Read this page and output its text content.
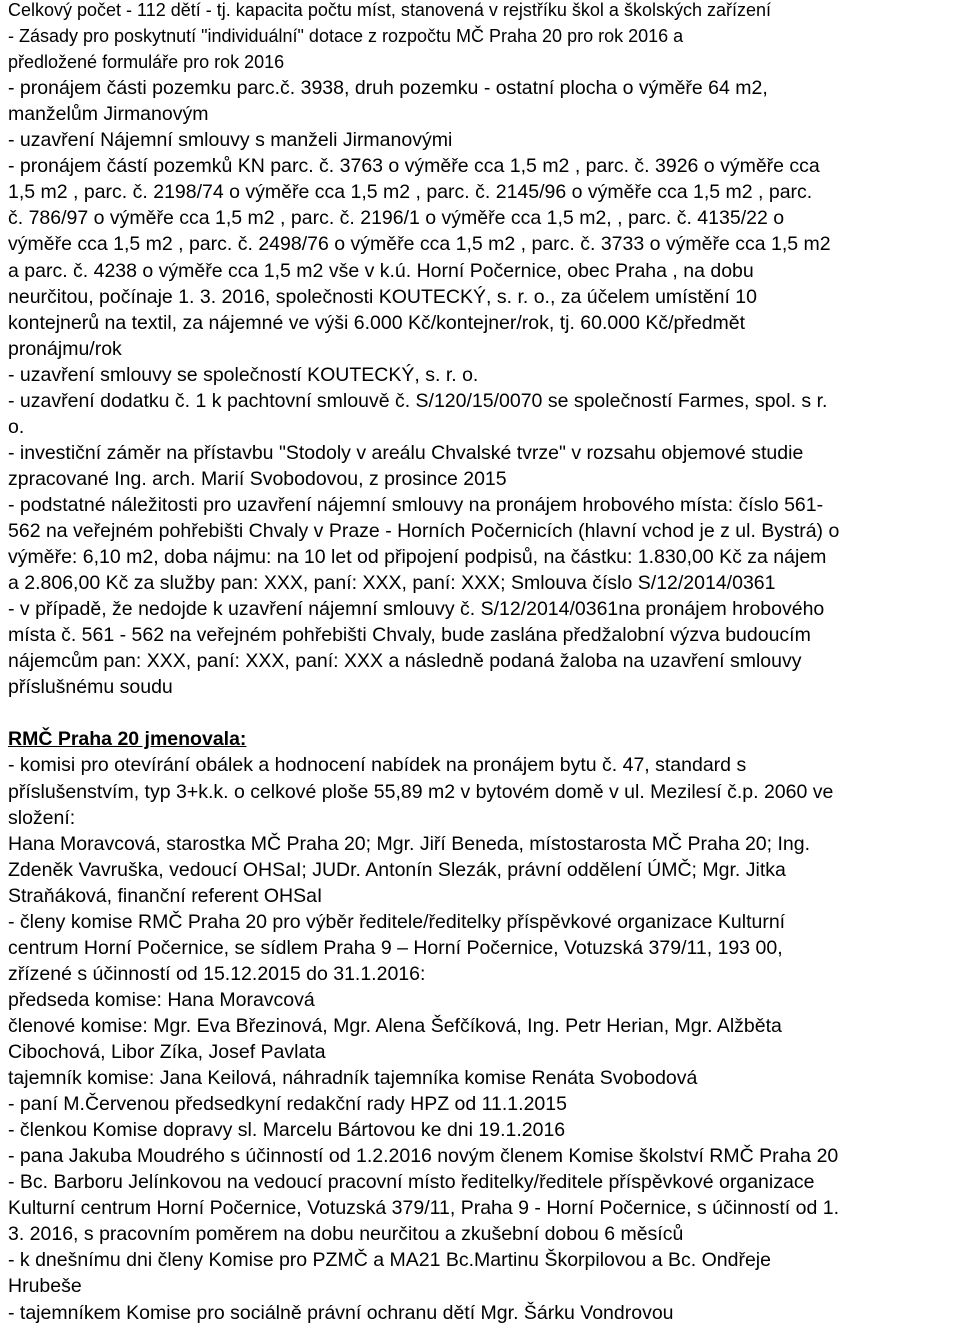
Celkový počet - 112 dětí - tj. kapacita počtu míst, stanovená v rejstříku škol a školských zařízení
- Zásady pro poskytnutí "individuální" dotace z rozpočtu MČ Praha 20 pro rok 2016 a
předložené formuláře pro rok 2016
- pronájem části pozemku parc.č. 3938, druh pozemku - ostatní plocha o výměře 64 m2,
manželům Jirmanovým
- uzavření Nájemní smlouvy s manželi Jirmanovými
- pronájem částí pozemků KN parc. č. 3763 o výměře cca 1,5 m2 , parc. č. 3926 o výměře cca
1,5 m2 , parc. č. 2198/74 o výměře cca 1,5 m2 , parc. č. 2145/96 o výměře cca 1,5 m2 , parc.
č. 786/97 o výměře cca 1,5 m2 , parc. č. 2196/1 o výměře cca 1,5 m2, , parc. č. 4135/22 o
výměře cca 1,5 m2 , parc. č. 2498/76 o výměře cca 1,5 m2 , parc. č. 3733 o výměře cca 1,5 m2
a parc. č. 4238 o výměře cca 1,5 m2 vše v k.ú. Horní Počernice, obec Praha , na dobu
neurčitou, počínaje 1. 3. 2016, společnosti KOUTECKÝ, s. r. o., za účelem umístění 10
kontejnerů na textil, za nájemné ve výši 6.000 Kč/kontejner/rok, tj. 60.000 Kč/předmět
pronájmu/rok
- uzavření smlouvy se společností KOUTECKÝ, s. r. o.
- uzavření dodatku č. 1 k pachtovní smlouvě č. S/120/15/0070 se společností Farmes, spol. s r.
o.
- investiční záměr na přístavbu "Stodoly v areálu Chvalské tvrze" v rozsahu objemové studie
zpracované Ing. arch. Marií Svobodovou, z prosince 2015
- podstatné náležitosti pro uzavření nájemní smlouvy na pronájem hrobového místa: číslo 561-
562 na veřejném pohřebišti Chvaly v Praze - Horních Počernicích (hlavní vchod je z ul. Bystrá) o
výměře: 6,10 m2, doba nájmu: na 10 let od připojení podpisů, na částku: 1.830,00 Kč za nájem
a 2.806,00 Kč za služby pan: XXX, paní: XXX, paní: XXX; Smlouva číslo S/12/2014/0361
- v případě, že nedojde k uzavření nájemní smlouvy č. S/12/2014/0361na pronájem hrobového
místa č. 561 - 562 na veřejném pohřebišti Chvaly, bude zaslána předžalobní výzva budoucím
nájemcům pan: XXX, paní: XXX, paní: XXX a následně podaná žaloba na uzavření smlouvy
příslušnému soudu
RMČ Praha 20 jmenovala:
- komisi pro otevírání obálek a hodnocení nabídek na pronájem bytu č. 47, standard s
příslušenstvím, typ 3+k.k. o celkové ploše 55,89 m2 v bytovém domě v ul. Mezilesí č.p. 2060 ve
složení:
Hana Moravcová, starostka MČ Praha 20; Mgr. Jiří Beneda, místostarosta MČ Praha 20; Ing.
Zdeněk Vavruška, vedoucí OHSaI; JUDr. Antonín Slezák, právní oddělení ÚMČ; Mgr. Jitka
Straňáková, finanční referent OHSaI
- členy komise RMČ Praha 20 pro výběr ředitele/ředitelky příspěvkové organizace Kulturní
centrum Horní Počernice, se sídlem Praha 9 – Horní Počernice, Votuzská 379/11, 193 00,
zřízené s účinností od 15.12.2015 do 31.1.2016:
předseda komise: Hana Moravcová
členové komise: Mgr. Eva Březinová, Mgr. Alena Šefčíková, Ing. Petr Herian, Mgr. Alžběta
Cibochová, Libor Zíka, Josef Pavlata
tajemník komise: Jana Keilová, náhradník tajemníka komise Renáta Svobodová
- paní M.Červenou předsedkyní redakční rady HPZ od 11.1.2015
- členkou Komise dopravy sl. Marcelu Bártovou ke dni 19.1.2016
- pana Jakuba Moudrého s účinností od 1.2.2016 novým členem Komise školství RMČ Praha 20
- Bc. Barboru Jelínkovou na vedoucí pracovní místo ředitelky/ředitele příspěvkové organizace
Kulturní centrum Horní Počernice, Votuzská 379/11, Praha 9 - Horní Počernice, s účinností od 1.
3. 2016, s pracovním poměrem na dobu neurčitou a zkušební dobou 6 měsíců
- k dnešnímu dni členy Komise pro PZMČ a MA21 Bc.Martinu Škorpilovou a Bc. Ondřeje
Hrubeše
- tajemníkem Komise pro sociálně právní ochranu dětí Mgr. Šárku Vondrovou
